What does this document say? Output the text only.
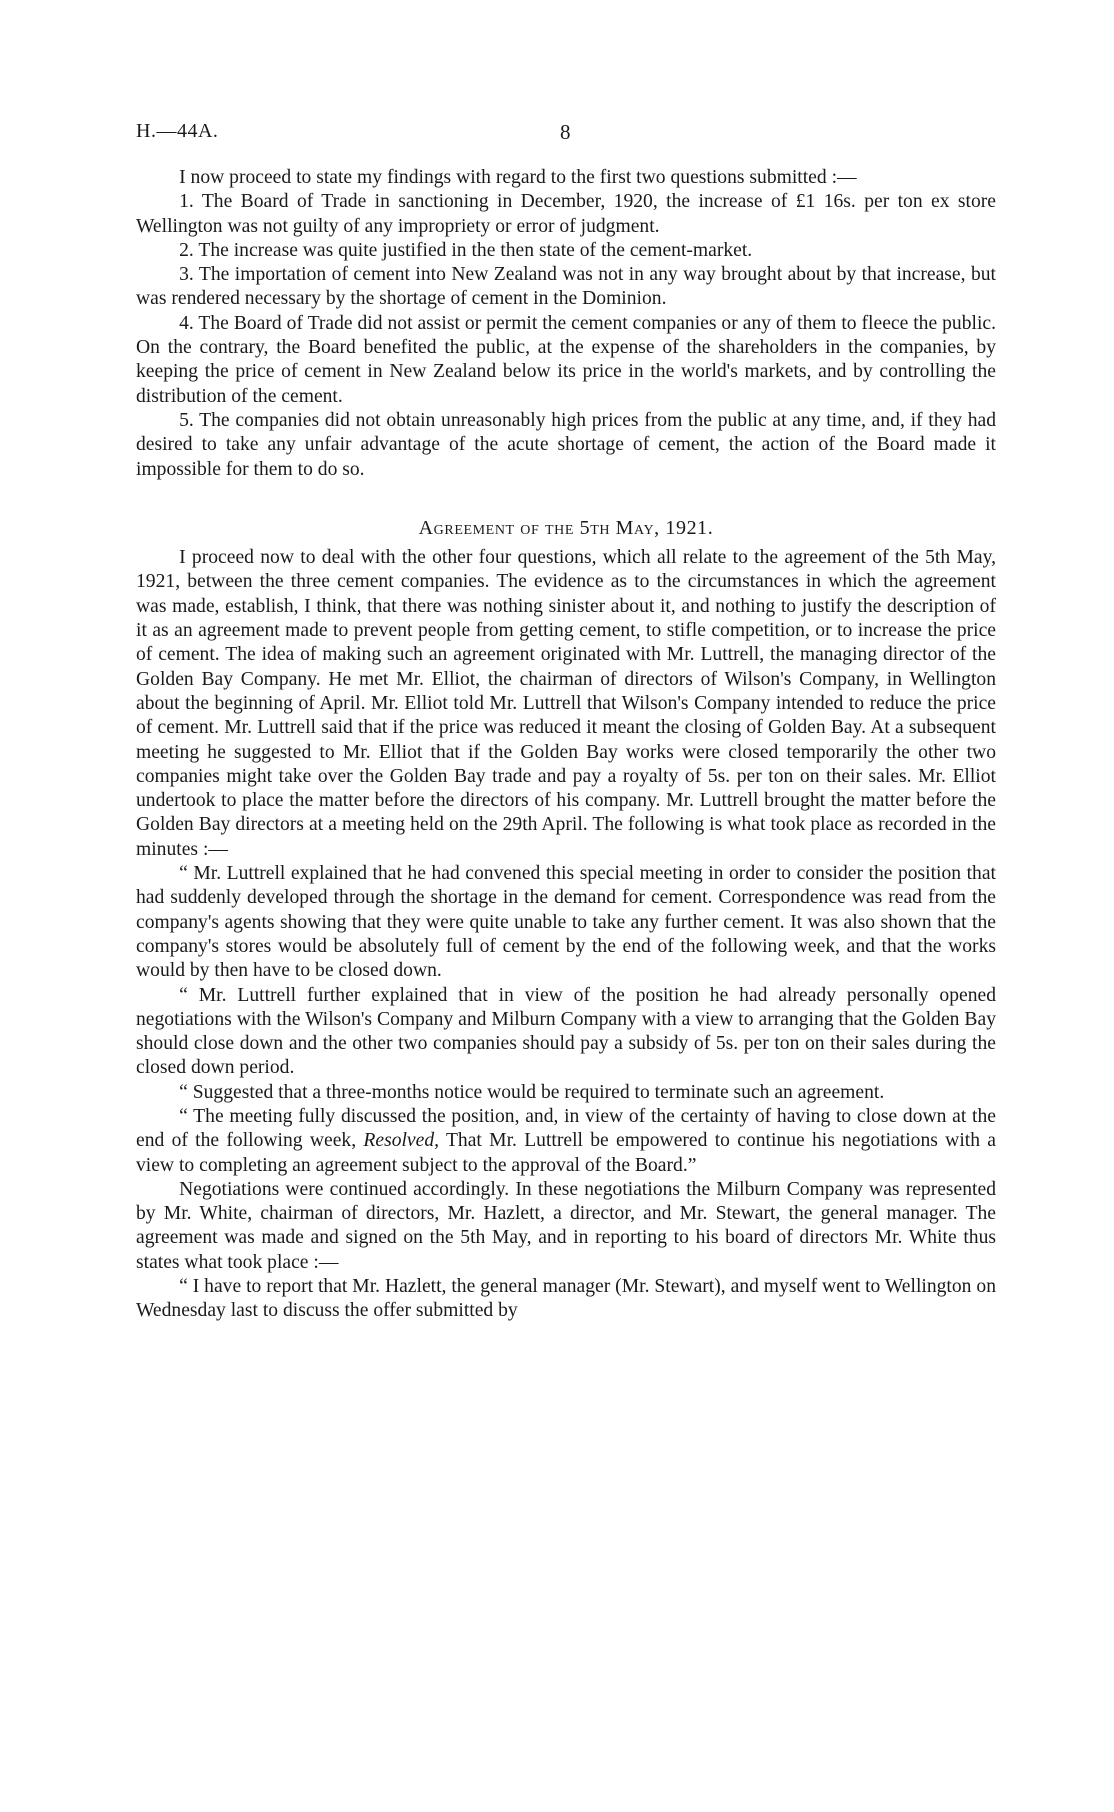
H.—44A.	8

I now proceed to state my findings with regard to the first two questions submitted :—

1. The Board of Trade in sanctioning in December, 1920, the increase of £1 16s. per ton ex store Wellington was not guilty of any impropriety or error of judgment.

2. The increase was quite justified in the then state of the cement-market.

3. The importation of cement into New Zealand was not in any way brought about by that increase, but was rendered necessary by the shortage of cement in the Dominion.

4. The Board of Trade did not assist or permit the cement companies or any of them to fleece the public. On the contrary, the Board benefited the public, at the expense of the shareholders in the companies, by keeping the price of cement in New Zealand below its price in the world's markets, and by controlling the distribution of the cement.

5. The companies did not obtain unreasonably high prices from the public at any time, and, if they had desired to take any unfair advantage of the acute shortage of cement, the action of the Board made it impossible for them to do so.

Agreement of the 5th May, 1921.

I proceed now to deal with the other four questions, which all relate to the agreement of the 5th May, 1921, between the three cement companies. The evidence as to the circumstances in which the agreement was made, establish, I think, that there was nothing sinister about it, and nothing to justify the description of it as an agreement made to prevent people from getting cement, to stifle competition, or to increase the price of cement. The idea of making such an agreement originated with Mr. Luttrell, the managing director of the Golden Bay Company. He met Mr. Elliot, the chairman of directors of Wilson's Company, in Wellington about the beginning of April. Mr. Elliot told Mr. Luttrell that Wilson's Company intended to reduce the price of cement. Mr. Luttrell said that if the price was reduced it meant the closing of Golden Bay. At a subsequent meeting he suggested to Mr. Elliot that if the Golden Bay works were closed temporarily the other two companies might take over the Golden Bay trade and pay a royalty of 5s. per ton on their sales. Mr. Elliot undertook to place the matter before the directors of his company. Mr. Luttrell brought the matter before the Golden Bay directors at a meeting held on the 29th April. The following is what took place as recorded in the minutes :—

“ Mr. Luttrell explained that he had convened this special meeting in order to consider the position that had suddenly developed through the shortage in the demand for cement. Correspondence was read from the company's agents showing that they were quite unable to take any further cement. It was also shown that the company's stores would be absolutely full of cement by the end of the following week, and that the works would by then have to be closed down.

“ Mr. Luttrell further explained that in view of the position he had already personally opened negotiations with the Wilson's Company and Milburn Company with a view to arranging that the Golden Bay should close down and the other two companies should pay a subsidy of 5s. per ton on their sales during the closed down period.

“ Suggested that a three-months notice would be required to terminate such an agreement.

“ The meeting fully discussed the position, and, in view of the certainty of having to close down at the end of the following week, Resolved, That Mr. Luttrell be empowered to continue his negotiations with a view to completing an agreement subject to the approval of the Board.”

Negotiations were continued accordingly. In these negotiations the Milburn Company was represented by Mr. White, chairman of directors, Mr. Hazlett, a director, and Mr. Stewart, the general manager. The agreement was made and signed on the 5th May, and in reporting to his board of directors Mr. White thus states what took place :—

“ I have to report that Mr. Hazlett, the general manager (Mr. Stewart), and myself went to Wellington on Wednesday last to discuss the offer submitted by
